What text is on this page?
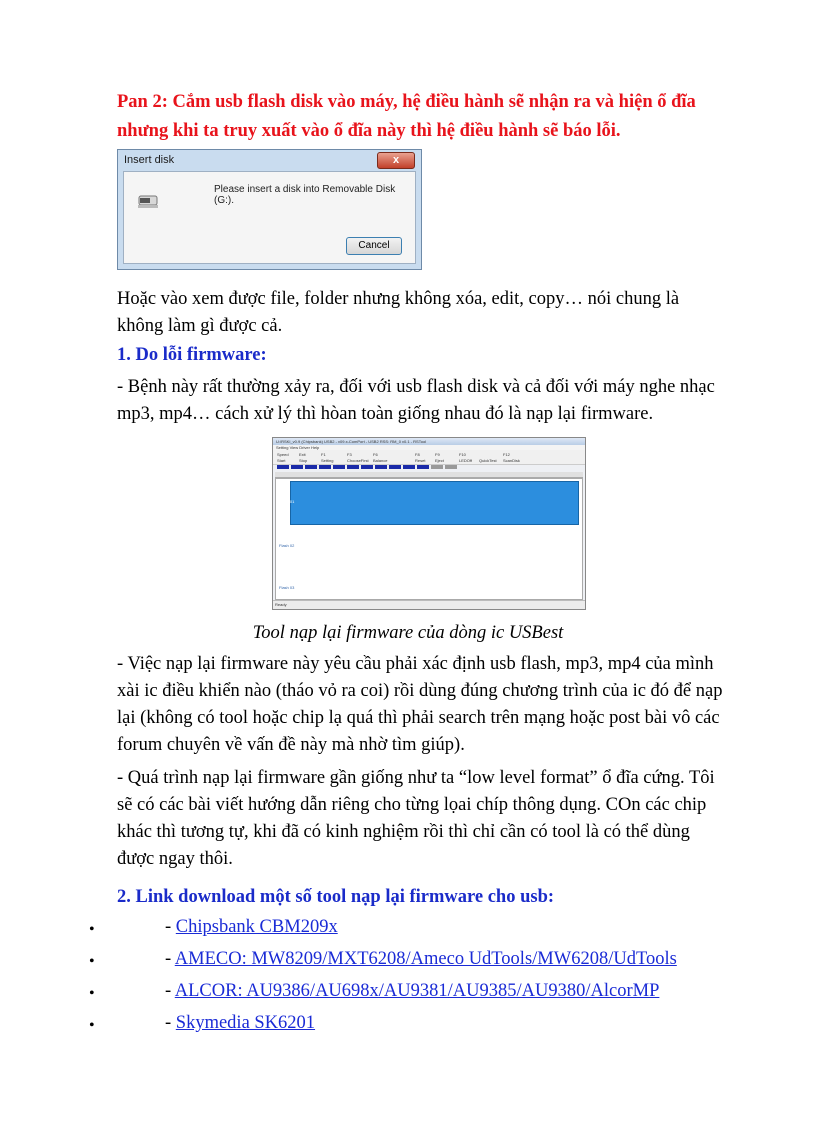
Pan 2: Cắm usb flash disk vào máy, hệ điều hành sẽ nhận ra và hiện ổ đĩa nhưng khi ta truy xuất vào ổ đĩa này thì hệ điều hành sẽ báo lỗi.

Insert disk	x
Please insert a disk into Removable Disk (G:).
Cancel

Hoặc vào xem được file, folder nhưng không xóa, edit, copy… nói chung là không làm gì được cả.

1. Do lỗi firmware:

- Bệnh này rất thường xảy ra, đối với usb flash disk và cả đối với máy nghe nhạc mp3, mp4… cách xử lý thì hòan toàn giống nhau đó là nạp lại firmware.

U:\RSKI_v0.9 (Chipsbank) USB2 - v09.x-ComPort - USB2 RSS: RM_0 v0.1 - RSTool
Setting View Driver Help
Speed	Exit	F1	F3	F6	F8	F9	F10	F12
Start	Stop	Setting	ChooseFirst Balance	Reset Eject	LEDOff QuickTest ScanDisk
Flash 01
Flash 02
Flash 03
Ready
Tool nạp lại firmware của dòng ic USBest

- Việc nạp lại firmware này yêu cầu phải xác định usb flash, mp3, mp4 của mình xài ic điều khiển nào (tháo vỏ ra coi) rồi dùng đúng chương trình của ic đó để nạp lại (không có tool hoặc chip lạ quá thì phải search trên mạng hoặc post bài vô các forum chuyên về vấn đề này mà nhờ tìm giúp).

- Quá trình nạp lại firmware gần giống như ta “low level format” ổ đĩa cứng. Tôi sẽ có các bài viết hướng dẫn riêng cho từng lọai chíp thông dụng. COn các chip khác thì tương tự, khi đã có kinh nghiệm rồi thì chỉ cần có tool là có thể dùng được ngay thôi.

2. Link download một số tool nạp lại firmware cho usb:

•	- Chipsbank CBM209x
•	- AMECO: MW8209/MXT6208/Ameco UdTools/MW6208/UdTools
•	- ALCOR: AU9386/AU698x/AU9381/AU9385/AU9380/AlcorMP
•	- Skymedia SK6201
